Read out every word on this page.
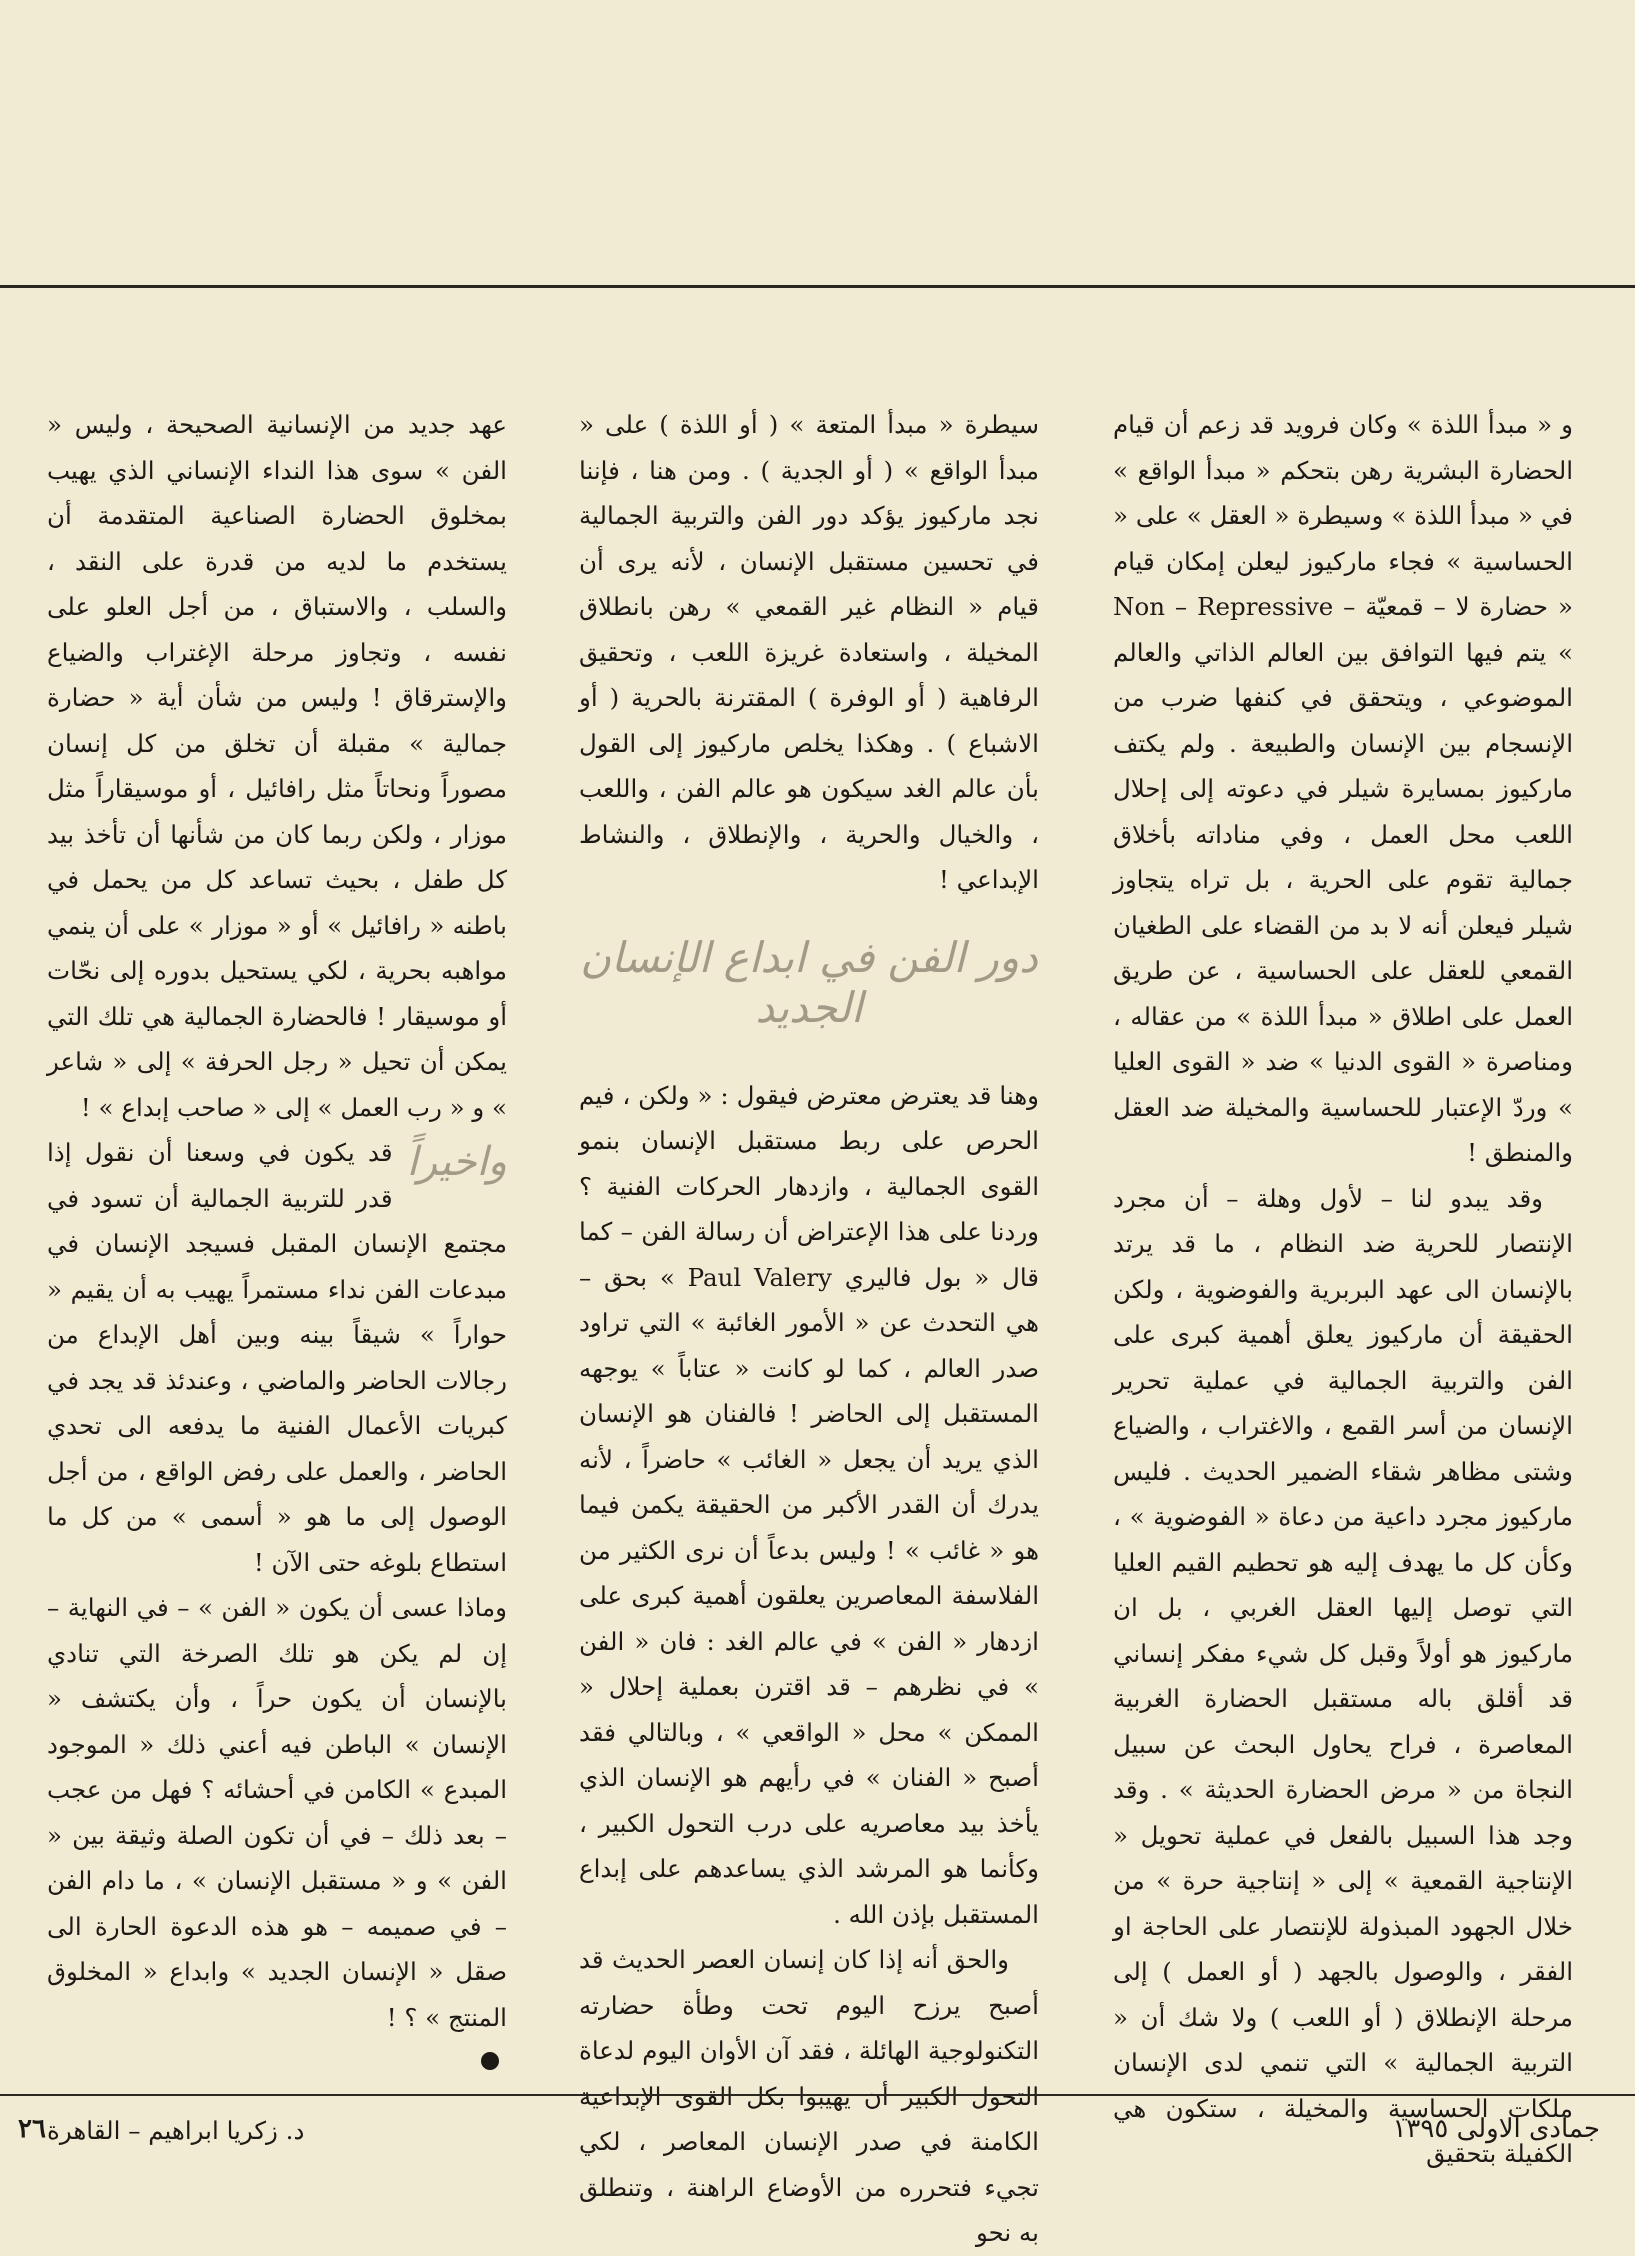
و « مبدأ اللذة » وكان فرويد قد زعم أن قيام الحضارة البشرية رهن بتحكم « مبدأ الواقع » في « مبدأ اللذة » وسيطرة « العقل » على « الحساسية » فجاء ماركيوز ليعلن إمكان قيام « حضارة لا – قمعيّة – Non – Repressive » يتم فيها التوافق بين العالم الذاتي والعالم الموضوعي ، ويتحقق في كنفها ضرب من الإنسجام بين الإنسان والطبيعة . ولم يكتف ماركيوز بمسايرة شيلر في دعوته إلى إحلال اللعب محل العمل ، وفي مناداته بأخلاق جمالية تقوم على الحرية ، بل تراه يتجاوز شيلر فيعلن أنه لا بد من القضاء على الطغيان القمعي للعقل على الحساسية ، عن طريق العمل على اطلاق « مبدأ اللذة » من عقاله ، ومناصرة « القوى الدنيا » ضد « القوى العليا » وردّ الإعتبار للحساسية والمخيلة ضد العقل والمنطق !

وقد يبدو لنا – لأول وهلة – أن مجرد الإنتصار للحرية ضد النظام ، ما قد يرتد بالإنسان الى عهد البربرية والفوضوية ، ولكن الحقيقة أن ماركيوز يعلق أهمية كبرى على الفن والتربية الجمالية في عملية تحرير الإنسان من أسر القمع ، والاغتراب ، والضياع وشتى مظاهر شقاء الضمير الحديث . فليس ماركيوز مجرد داعية من دعاة « الفوضوية » ، وكأن كل ما يهدف إليه هو تحطيم القيم العليا التي توصل إليها العقل الغربي ، بل ان ماركيوز هو أولاً وقبل كل شيء مفكر إنساني قد أقلق باله مستقبل الحضارة الغربية المعاصرة ، فراح يحاول البحث عن سبيل النجاة من « مرض الحضارة الحديثة » . وقد وجد هذا السبيل بالفعل في عملية تحويل « الإنتاجية القمعية » إلى « إنتاجية حرة » من خلال الجهود المبذولة للإنتصار على الحاجة او الفقر ، والوصول بالجهد ( أو العمل ) إلى مرحلة الإنطلاق ( أو اللعب ) ولا شك أن « التربية الجمالية » التي تنمي لدى الإنسان ملكات الحساسية والمخيلة ، ستكون هي الكفيلة بتحقيق

سيطرة « مبدأ المتعة » ( أو اللذة ) على « مبدأ الواقع » ( أو الجدية ) . ومن هنا ، فإننا نجد ماركيوز يؤكد دور الفن والتربية الجمالية في تحسين مستقبل الإنسان ، لأنه يرى أن قيام « النظام غير القمعي » رهن بانطلاق المخيلة ، واستعادة غريزة اللعب ، وتحقيق الرفاهية ( أو الوفرة ) المقترنة بالحرية ( أو الاشباع ) . وهكذا يخلص ماركيوز إلى القول بأن عالم الغد سيكون هو عالم الفن ، واللعب ، والخيال والحرية ، والإنطلاق ، والنشاط الإبداعي !

دور الفن في ابداع الإنسان الجديد

وهنا قد يعترض معترض فيقول : « ولكن ، فيم الحرص على ربط مستقبل الإنسان بنمو القوى الجمالية ، وازدهار الحركات الفنية ؟ وردنا على هذا الإعتراض أن رسالة الفن – كما قال « بول فاليري Paul Valery » بحق – هي التحدث عن « الأمور الغائبة » التي تراود صدر العالم ، كما لو كانت « عتاباً » يوجهه المستقبل إلى الحاضر ! فالفنان هو الإنسان الذي يريد أن يجعل « الغائب » حاضراً ، لأنه يدرك أن القدر الأكبر من الحقيقة يكمن فيما هو « غائب » ! وليس بدعاً أن نرى الكثير من الفلاسفة المعاصرين يعلقون أهمية كبرى على ازدهار « الفن » في عالم الغد : فان « الفن » في نظرهم – قد اقترن بعملية إحلال « الممكن » محل « الواقعي » ، وبالتالي فقد أصبح « الفنان » في رأيهم هو الإنسان الذي يأخذ بيد معاصريه على درب التحول الكبير ، وكأنما هو المرشد الذي يساعدهم على إبداع المستقبل بإذن الله .

والحق أنه إذا كان إنسان العصر الحديث قد أصبح يرزح اليوم تحت وطأة حضارته التكنولوجية الهائلة ، فقد آن الأوان اليوم لدعاة التحول الكبير أن يهيبوا بكل القوى الإبداعية الكامنة في صدر الإنسان المعاصر ، لكي تجيء فتحرره من الأوضاع الراهنة ، وتنطلق به نحو

عهد جديد من الإنسانية الصحيحة ، وليس « الفن » سوى هذا النداء الإنساني الذي يهيب بمخلوق الحضارة الصناعية المتقدمة أن يستخدم ما لديه من قدرة على النقد ، والسلب ، والاستباق ، من أجل العلو على نفسه ، وتجاوز مرحلة الإغتراب والضياع والإسترقاق ! وليس من شأن أية « حضارة جمالية » مقبلة أن تخلق من كل إنسان مصوراً ونحاتاً مثل رافائيل ، أو موسيقاراً مثل موزار ، ولكن ربما كان من شأنها أن تأخذ بيد كل طفل ، بحيث تساعد كل من يحمل في باطنه « رافائيل » أو « موزار » على أن ينمي مواهبه بحرية ، لكي يستحيل بدوره إلى نحّات أو موسيقار ! فالحضارة الجمالية هي تلك التي يمكن أن تحيل « رجل الحرفة » إلى « شاعر » و « رب العمل » إلى « صاحب إبداع » !

واخيراً

قد يكون في وسعنا أن نقول إذا قدر للتربية الجمالية أن تسود في مجتمع الإنسان المقبل فسيجد الإنسان في مبدعات الفن نداء مستمراً يهيب به أن يقيم « حواراً » شيقاً بينه وبين أهل الإبداع من رجالات الحاضر والماضي ، وعندئذ قد يجد في كبريات الأعمال الفنية ما يدفعه الى تحدي الحاضر ، والعمل على رفض الواقع ، من أجل الوصول إلى ما هو « أسمى » من كل ما استطاع بلوغه حتى الآن !

وماذا عسى أن يكون « الفن » – في النهاية – إن لم يكن هو تلك الصرخة التي تنادي بالإنسان أن يكون حراً ، وأن يكتشف « الإنسان » الباطن فيه أعني ذلك « الموجود المبدع » الكامن في أحشائه ؟ فهل من عجب – بعد ذلك – في أن تكون الصلة وثيقة بين « الفن » و « مستقبل الإنسان » ، ما دام الفن – في صميمه – هو هذه الدعوة الحارة الى صقل « الإنسان الجديد » وابداع « المخلوق المنتج » ؟ !

د. زكريا ابراهيم – القاهرة	جمادى الاولى ١٣٩٥
٢٦
